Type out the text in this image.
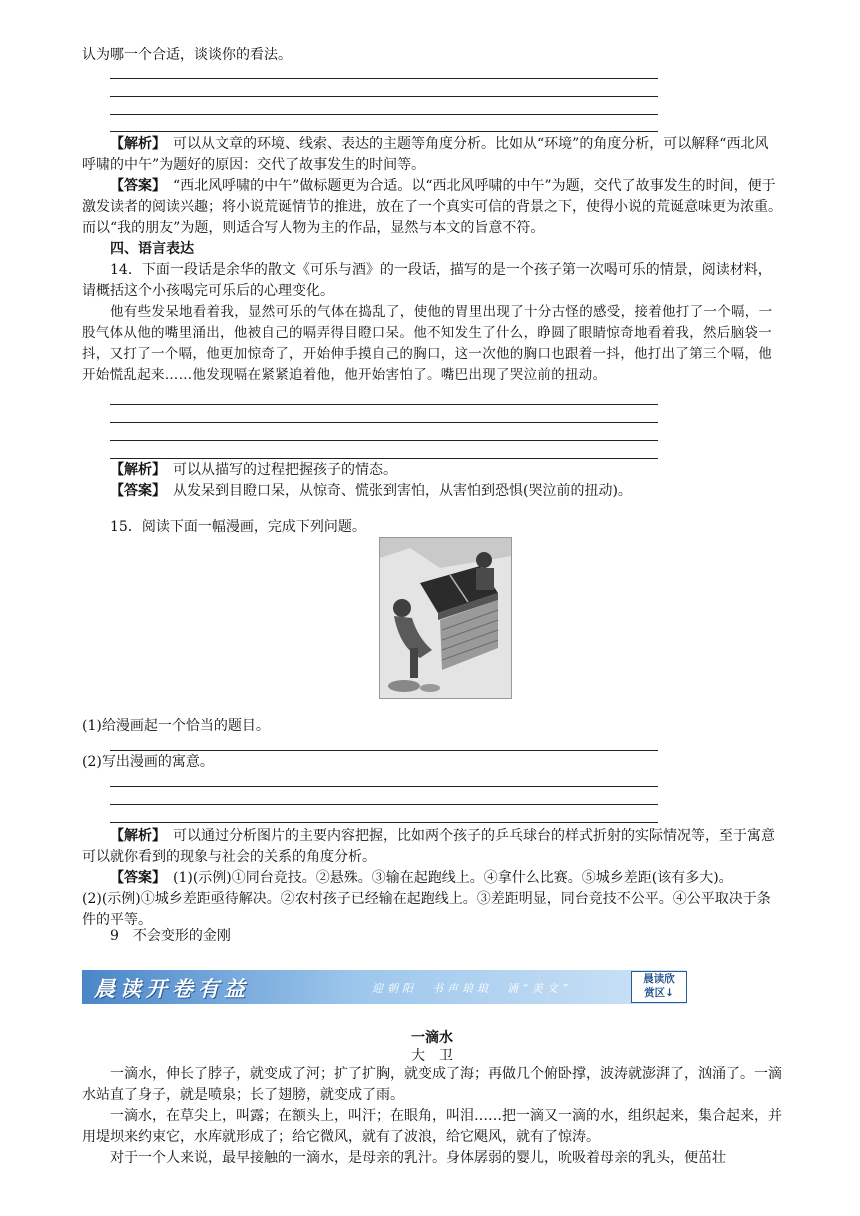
认为哪一个合适，谈谈你的看法。

【解析】　 可以从文章的环境、线索、表达的主题等角度分析。比如从“环境”的角度分析，可以解释“西北风呼啸的中午”为题好的原因：交代了故事发生的时间等。

【答案】　 “西北风呼啸的中午”做标题更为合适。以“西北风呼啸的中午”为题，交代了故事发生的时间，便于激发读者的阅读兴趣；将小说荒诞情节的推进，放在了一个真实可信的背景之下，使得小说的荒诞意味更为浓重。而以“我的朋友”为题，则适合写人物为主的作品，显然与本文的旨意不符。

四、语言表达

14．下面一段话是余华的散文《可乐与酒》的一段话，描写的是一个孩子第一次喝可乐的情景，阅读材料，请概括这个小孩喝完可乐后的心理变化。

他有些发呆地看着我，显然可乐的气体在捣乱了，使他的胃里出现了十分古怪的感受，接着他打了一个嗝，一股气体从他的嘴里涌出，他被自己的嗝弄得目瞪口呆。他不知发生了什么，睁圆了眼睛惊奇地看着我，然后脑袋一抖，又打了一个嗝，他更加惊奇了，开始伸手摸自己的胸口，这一次他的胸口也跟着一抖，他打出了第三个嗝，他开始慌乱起来……他发现嗝在紧紧追着他，他开始害怕了。嘴巴出现了哭泣前的扭动。

【解析】　 可以从描写的过程把握孩子的情态。

【答案】　 从发呆到目瞪口呆，从惊奇、慌张到害怕，从害怕到恐惧(哭泣前的扭动)。

15．阅读下面一幅漫画，完成下列问题。

(1)给漫画起一个恰当的题目。

(2)写出漫画的寓意。

【解析】　 可以通过分析图片的主要内容把握，比如两个孩子的乒乓球台的样式折射的实际情况等，至于寓意可以就你看到的现象与社会的关系的角度分析。

【答案】　 (1)(示例)①同台竞技。②悬殊。③输在起跑线上。④拿什么比赛。⑤城乡差距(该有多大)。

(2)(示例)①城乡差距亟待解决。②农村孩子已经输在起跑线上。③差距明显，同台竞技不公平。④公平取决于条件的平等。

9　不会变形的金刚

晨读开卷有益	迎朝阳　书声琅琅　诵“美文”
晨读欣
赏区↓

一滴水

大　卫

一滴水，伸长了脖子，就变成了河；扩了扩胸，就变成了海；再做几个俯卧撑，波涛就澎湃了，汹涌了。一滴水站直了身子，就是喷泉；长了翅膀，就变成了雨。

一滴水，在草尖上，叫露；在额头上，叫汗；在眼角，叫泪……把一滴又一滴的水，组织起来，集合起来，并用堤坝来约束它，水库就形成了；给它微风，就有了波浪，给它飓风，就有了惊涛。

对于一个人来说，最早接触的一滴水，是母亲的乳汁。身体孱弱的婴儿，吮吸着母亲的乳头，便茁壮
